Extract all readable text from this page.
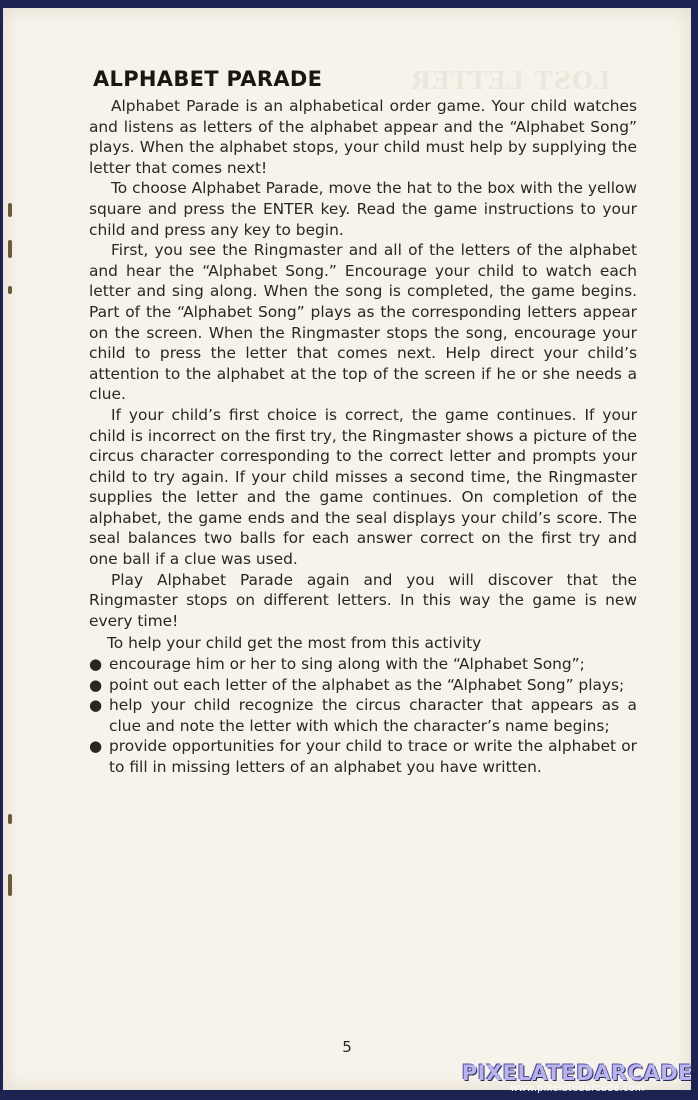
LOST LETTER
ALPHABET PARADE

Alphabet Parade is an alphabetical order game. Your child watches and listens as letters of the alphabet appear and the “Alphabet Song” plays. When the alphabet stops, your child must help by supplying the letter that comes next!

To choose Alphabet Parade, move the hat to the box with the yellow square and press the ENTER key. Read the game instructions to your child and press any key to begin.

First, you see the Ringmaster and all of the letters of the alphabet and hear the “Alphabet Song.” Encourage your child to watch each letter and sing along. When the song is completed, the game begins. Part of the “Alphabet Song” plays as the corresponding letters appear on the screen. When the Ringmaster stops the song, encourage your child to press the letter that comes next. Help direct your child’s attention to the alphabet at the top of the screen if he or she needs a clue.

If your child’s first choice is correct, the game continues. If your child is incorrect on the first try, the Ringmaster shows a picture of the circus character corresponding to the correct letter and prompts your child to try again. If your child misses a second time, the Ringmaster supplies the letter and the game continues. On completion of the alphabet, the game ends and the seal displays your child’s score. The seal balances two balls for each answer correct on the first try and one ball if a clue was used.

Play Alphabet Parade again and you will discover that the Ringmaster stops on different letters. In this way the game is new every time!

To help your child get the most from this activity

● encourage him or her to sing along with the “Alphabet Song”;
● point out each letter of the alphabet as the “Alphabet Song” plays;
● help your child recognize the circus character that appears as a clue and note the letter with which the character’s name begins;
● provide opportunities for your child to trace or write the alphabet or to fill in missing letters of an alphabet you have written.
5
PIXELATEDARCADE
www.pixelatedarcade.com
